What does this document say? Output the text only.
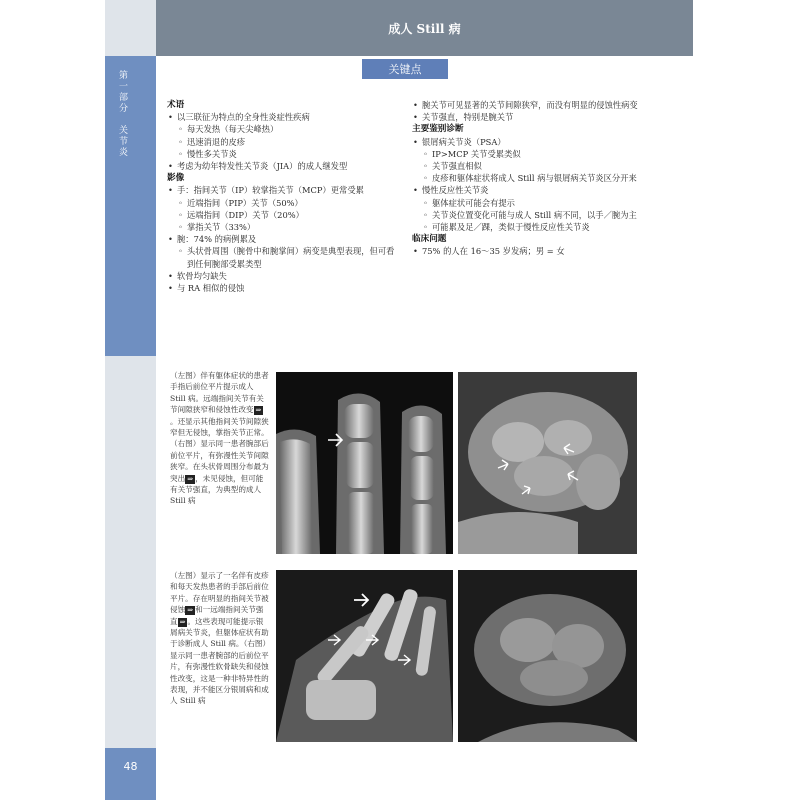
成人 Still 病
第一部分　关节炎
关键点
术语
• 以三联征为特点的全身性炎症性疾病
◦ 每天发热（每天尖峰热）
◦ 迅速消退的皮疹
◦ 慢性多关节炎
• 考虑为幼年特发性关节炎（JIA）的成人继发型
影像
• 手：指间关节（IP）较掌指关节（MCP）更常受累
◦ 近端指间（PIP）关节（50%）
◦ 远端指间（DIP）关节（20%）
◦ 掌指关节（33%）
• 腕：74% 的病例累及
◦ 头状骨周围（腕骨中和腕掌间）病变是典型表现，但可看到任何腕部受累类型
• 软骨均匀缺失
• 与 RA 相似的侵蚀
• 腕关节可见显著的关节间隙狭窄，而没有明显的侵蚀性病变
• 关节强直，特别是腕关节
主要鉴别诊断
• 银屑病关节炎（PSA）
◦ IP>MCP 关节受累类似
◦ 关节强直相似
◦ 皮疹和躯体症状将成人 Still 病与银屑病关节炎区分开来
• 慢性反应性关节炎
◦ 躯体症状可能会有提示
◦ 关节炎位置变化可能与成人 Still 病不同，以手／腕为主
◦ 可能累及足／踝，类似于慢性反应性关节炎
临床问题
• 75% 的人在 16～35 岁发病；男 = 女
（左图）伴有躯体症状的患者手指后前位平片提示成人 Still 病。远端指间关节有关节间隙狭窄和侵蚀性改变 ⇒。还显示其他指间关节间隙狭窄但无侵蚀，掌指关节正常。（右图）显示同一患者腕部后前位平片，有弥漫性关节间隙狭窄。在头状骨周围分布最为突出 ⇒ ，未见侵蚀，但可能有关节强直，为典型的成人 Still 病
（左图）显示了一名伴有皮疹和每天发热患者的手部后前位平片。存在明显的指间关节被侵蚀 ⇒ 和一远端指间关节强直 ⇒ 。这些表现可能提示银屑病关节炎，但躯体症状有助于诊断成人 Still 病。（右图）显示同一患者腕部的后前位平片，有弥漫性软骨缺失和侵蚀性改变，这是一种非特异性的表现，并不能区分银屑病和成人 Still 病
48
